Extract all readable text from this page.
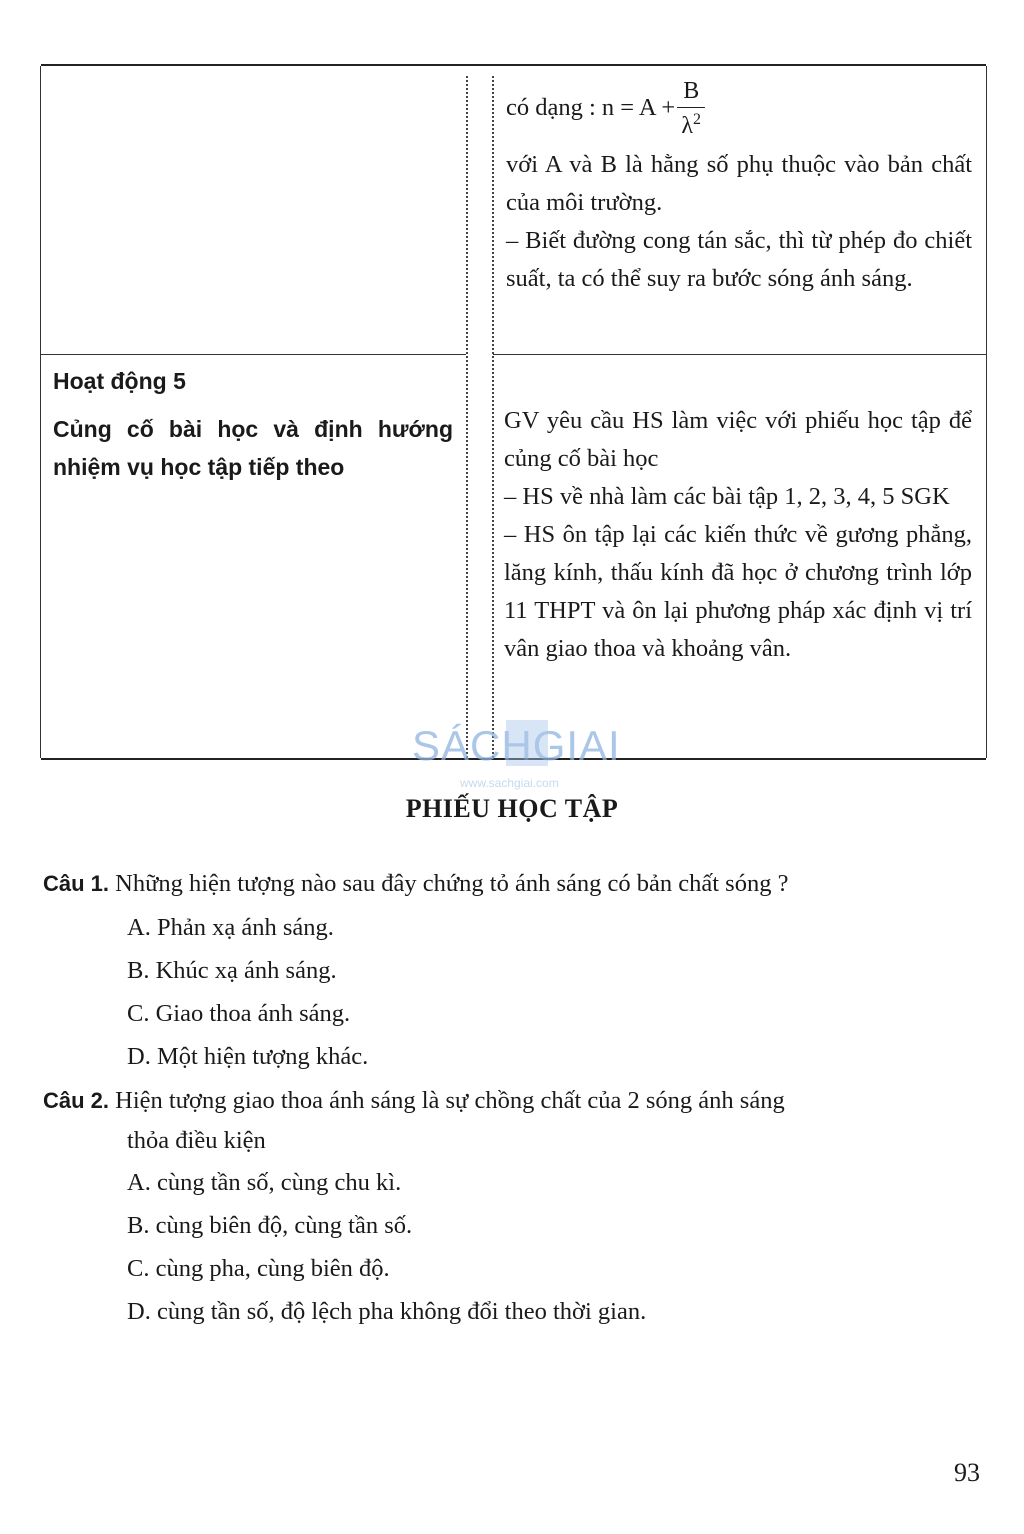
có dạng : $n = A + \frac{B}{\lambda^2}$

với A và B là hằng số phụ thuộc vào bản chất của môi trường.

– Biết đường cong tán sắc, thì từ phép đo chiết suất, ta có thể suy ra bước sóng ánh sáng.

Hoạt động 5

Củng cố bài học và định hướng nhiệm vụ học tập tiếp theo

GV yêu cầu HS làm việc với phiếu học tập để củng cố bài học

– HS về nhà làm các bài tập 1, 2, 3, 4, 5 SGK

– HS ôn tập lại các kiến thức về gương phẳng, lăng kính, thấu kính đã học ở chương trình lớp 11 THPT và ôn lại phương pháp xác định vị trí vân giao thoa và khoảng vân.

SÁCHGIAI
www.sachgiai.com
PHIẾU HỌC TẬP
Câu 1. Những hiện tượng nào sau đây chứng tỏ ánh sáng có bản chất sóng ?
A. Phản xạ ánh sáng.
B. Khúc xạ ánh sáng.
C. Giao thoa ánh sáng.
D. Một hiện tượng khác.
Câu 2. Hiện tượng giao thoa ánh sáng là sự chồng chất của 2 sóng ánh sáng
thỏa điều kiện
A. cùng tần số, cùng chu kì.
B. cùng biên độ, cùng tần số.
C. cùng pha, cùng biên độ.
D. cùng tần số, độ lệch pha không đổi theo thời gian.
93
